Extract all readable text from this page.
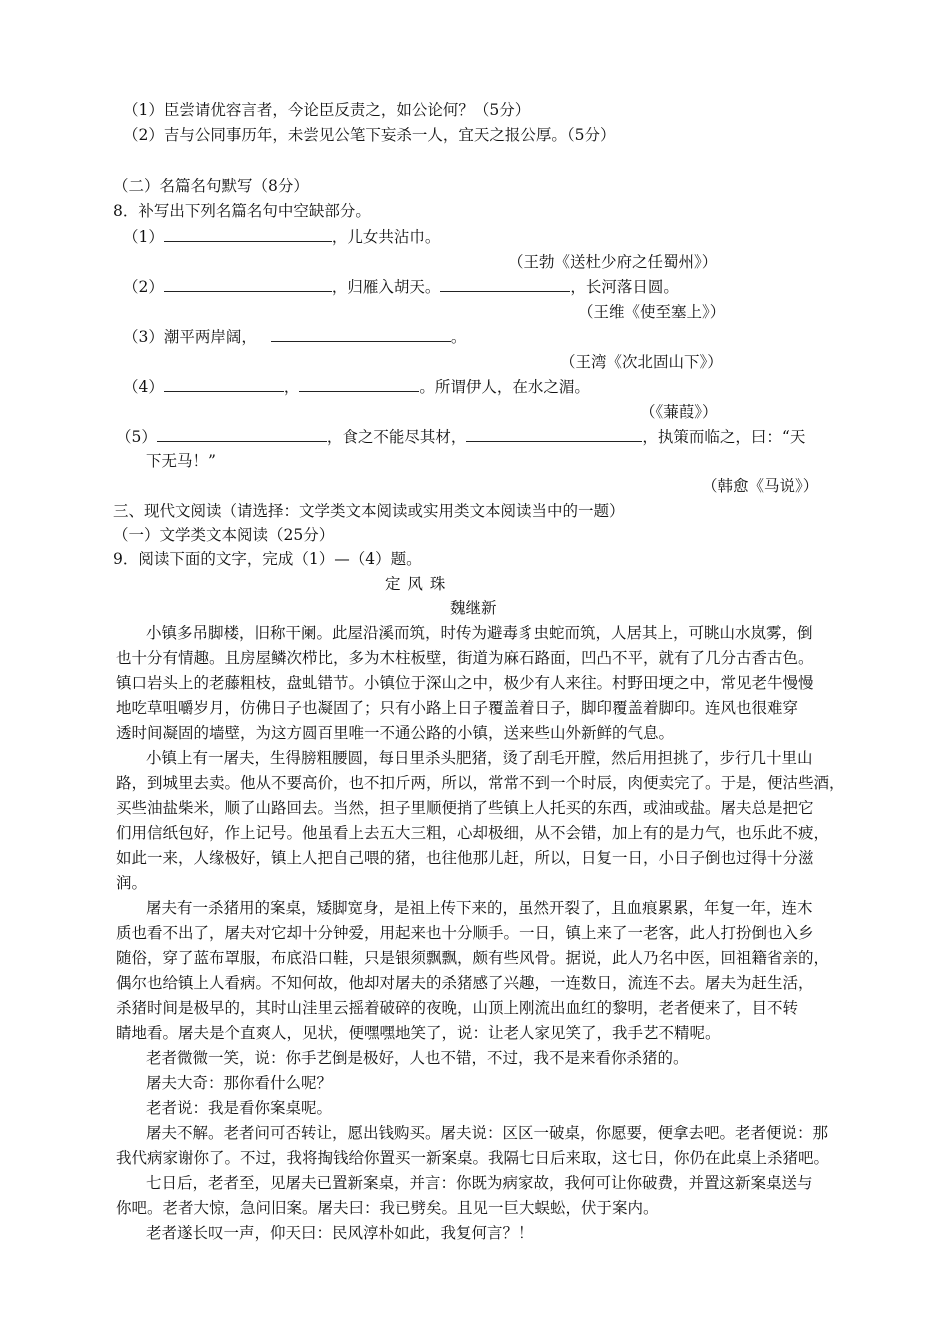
（1）臣尝请优容言者，今论臣反责之，如公论何？（5分）
（2）吉与公同事历年，未尝见公笔下妄杀一人，宜天之报公厚。（5分）
（二）名篇名句默写（8分）
8．补写出下列名篇名句中空缺部分。
（1）	，儿女共沾巾。
（王勃《送杜少府之任蜀州》）
（2）	，归雁入胡天。	，长河落日圆。
（王维《使至塞上》）
（3）潮平两岸阔，	。
（王湾《次北固山下》）
（4）	，	。所谓伊人，在水之湄。
（《蒹葭》）
（5）	，食之不能尽其材，	，执策而临之，曰：“天
下无马！”
（韩愈《马说》）
三、现代文阅读（请选择：文学类文本阅读或实用类文本阅读当中的一题）
（一）文学类文本阅读（25分）
9．阅读下面的文字，完成（1）—（4）题。
定 风 珠
魏继新
小镇多吊脚楼，旧称干阑。此屋沿溪而筑，时传为避毒豸虫蛇而筑，人居其上，可眺山水岚雾，倒
也十分有情趣。且房屋鳞次栉比，多为木柱板壁，街道为麻石路面，凹凸不平，就有了几分古香古色。
镇口岩头上的老藤粗枝，盘虬错节。小镇位于深山之中，极少有人来往。村野田埂之中，常见老牛慢慢
地吃草咀嚼岁月，仿佛日子也凝固了；只有小路上日子覆盖着日子，脚印覆盖着脚印。连风也很难穿
透时间凝固的墙壁，为这方圆百里唯一不通公路的小镇，送来些山外新鲜的气息。
小镇上有一屠夫，生得膀粗腰圆，每日里杀头肥猪，烫了刮毛开膛，然后用担挑了，步行几十里山
路，到城里去卖。他从不要高价，也不扣斤两，所以，常常不到一个时辰，肉便卖完了。于是，便沽些酒，
买些油盐柴米，顺了山路回去。当然，担子里顺便捎了些镇上人托买的东西，或油或盐。屠夫总是把它
们用信纸包好，作上记号。他虽看上去五大三粗，心却极细，从不会错，加上有的是力气，也乐此不疲，
如此一来，人缘极好，镇上人把自己喂的猪，也往他那儿赶，所以，日复一日，小日子倒也过得十分滋
润。
屠夫有一杀猪用的案桌，矮脚宽身，是祖上传下来的，虽然开裂了，且血痕累累，年复一年，连木
质也看不出了，屠夫对它却十分钟爱，用起来也十分顺手。一日，镇上来了一老客，此人打扮倒也入乡
随俗，穿了蓝布罩服，布底沿口鞋，只是银须飘飘，颇有些风骨。据说，此人乃名中医，回祖籍省亲的，
偶尔也给镇上人看病。不知何故，他却对屠夫的杀猪感了兴趣，一连数日，流连不去。屠夫为赶生活，
杀猪时间是极早的，其时山洼里云摇着破碎的夜晚，山顶上刚流出血红的黎明，老者便来了，目不转
睛地看。屠夫是个直爽人，见状，便嘿嘿地笑了，说：让老人家见笑了，我手艺不精呢。
老者微微一笑，说：你手艺倒是极好，人也不错，不过，我不是来看你杀猪的。
屠夫大奇：那你看什么呢？
老者说：我是看你案桌呢。
屠夫不解。老者问可否转让，愿出钱购买。屠夫说：区区一破桌，你愿要，便拿去吧。老者便说：那
我代病家谢你了。不过，我将掏钱给你置买一新案桌。我隔七日后来取，这七日，你仍在此桌上杀猪吧。
七日后，老者至，见屠夫已置新案桌，并言：你既为病家故，我何可让你破费，并置这新案桌送与
你吧。老者大惊，急问旧案。屠夫曰：我已劈矣。且见一巨大蜈蚣，伏于案内。
老者遂长叹一声，仰天曰：民风淳朴如此，我复何言？！
